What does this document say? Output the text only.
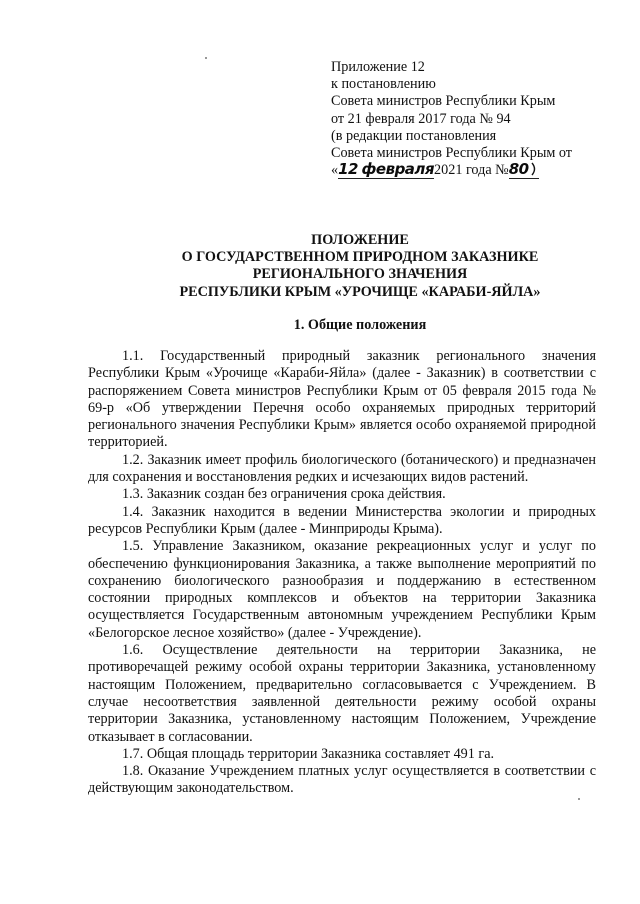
Приложение 12
к постановлению
Совета министров Республики Крым
от 21 февраля 2017 года № 94
(в редакции постановления
Совета министров Республики Крым от
«12 февраля2021 года №80
ПОЛОЖЕНИЕ
О ГОСУДАРСТВЕННОМ ПРИРОДНОМ ЗАКАЗНИКЕ
РЕГИОНАЛЬНОГО ЗНАЧЕНИЯ
РЕСПУБЛИКИ КРЫМ «УРОЧИЩЕ «КАРАБИ-ЯЙЛА»
1. Общие положения

1.1. Государственный природный заказник регионального значения Республики Крым «Урочище «Караби-Яйла» (далее - Заказник) в соответствии с распоряжением Совета министров Республики Крым от 05 февраля 2015 года № 69-р «Об утверждении Перечня особо охраняемых природных территорий регионального значения Республики Крым» является особо охраняемой природной территорией.

1.2. Заказник имеет профиль биологического (ботанического) и предназначен для сохранения и восстановления редких и исчезающих видов растений.

1.3. Заказник создан без ограничения срока действия.

1.4. Заказник находится в ведении Министерства экологии и природных ресурсов Республики Крым (далее - Минприроды Крыма).

1.5. Управление Заказником, оказание рекреационных услуг и услуг по обеспечению функционирования Заказника, а также выполнение мероприятий по сохранению биологического разнообразия и поддержанию в естественном состоянии природных комплексов и объектов на территории Заказника осуществляется Государственным автономным учреждением Республики Крым «Белогорское лесное хозяйство» (далее - Учреждение).

1.6. Осуществление деятельности на территории Заказника, не противоречащей режиму особой охраны территории Заказника, установленному настоящим Положением, предварительно согласовывается с Учреждением. В случае несоответствия заявленной деятельности режиму особой охраны территории Заказника, установленному настоящим Положением, Учреждение отказывает в согласовании.

1.7. Общая площадь территории Заказника составляет 491 га.

1.8. Оказание Учреждением платных услуг осуществляется в соответствии с действующим законодательством.
